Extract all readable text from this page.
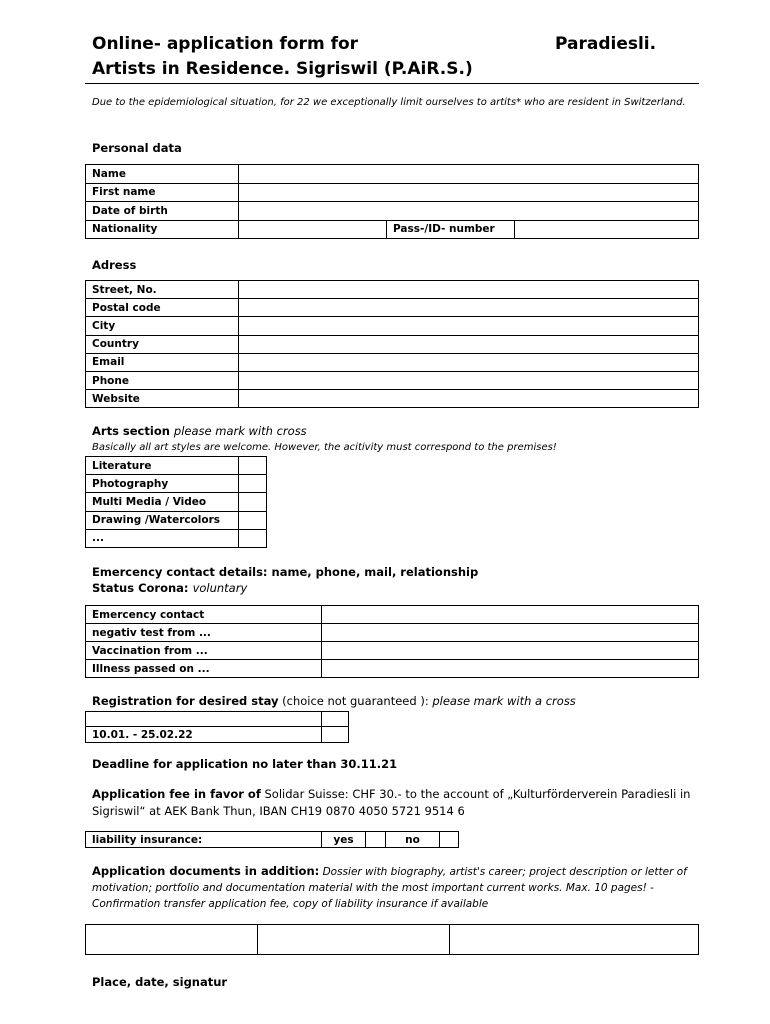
Online- application form for	Paradiesli.
Artists in Residence. Sigriswil (P.AiR.S.)
Due to the epidemiological situation, for 22 we exceptionally limit ourselves to artits* who are resident in Switzerland.
Personal data
Name			
First name			
Date of birth			
Nationality		Pass-/ID- number	
Adress
Street, No.	
Postal code	
City	
Country	
Email	
Phone	
Website	
Arts section please mark with cross
Basically all art styles are welcome. However, the acitivity must correspond to the premises!
Literature	
Photography	
Multi Media / Video	
Drawing /Watercolors	
...	
Emercency contact details: name, phone, mail, relationship
Status Corona: voluntary
Emercency contact	
negativ test from ...	
Vaccination from ...	
Illness passed on ...	
Registration for desired stay (choice not guaranteed ): please mark with a cross

10.01. - 25.02.22	
Deadline for application no later than 30.11.21
Application fee in favor of Solidar Suisse: CHF 30.- to the account of „Kulturförderverein Paradiesli in Sigriswil“ at AEK Bank Thun, IBAN CH19 0870 4050 5721 9514 6
liability insurance:	yes		no	
Application documents in addition: Dossier with biography, artist's career; project description or letter of motivation; portfolio and documentation material with the most important current works. Max. 10 pages! - Confirmation transfer application fee, copy of liability insurance if available

Place, date, signatur
